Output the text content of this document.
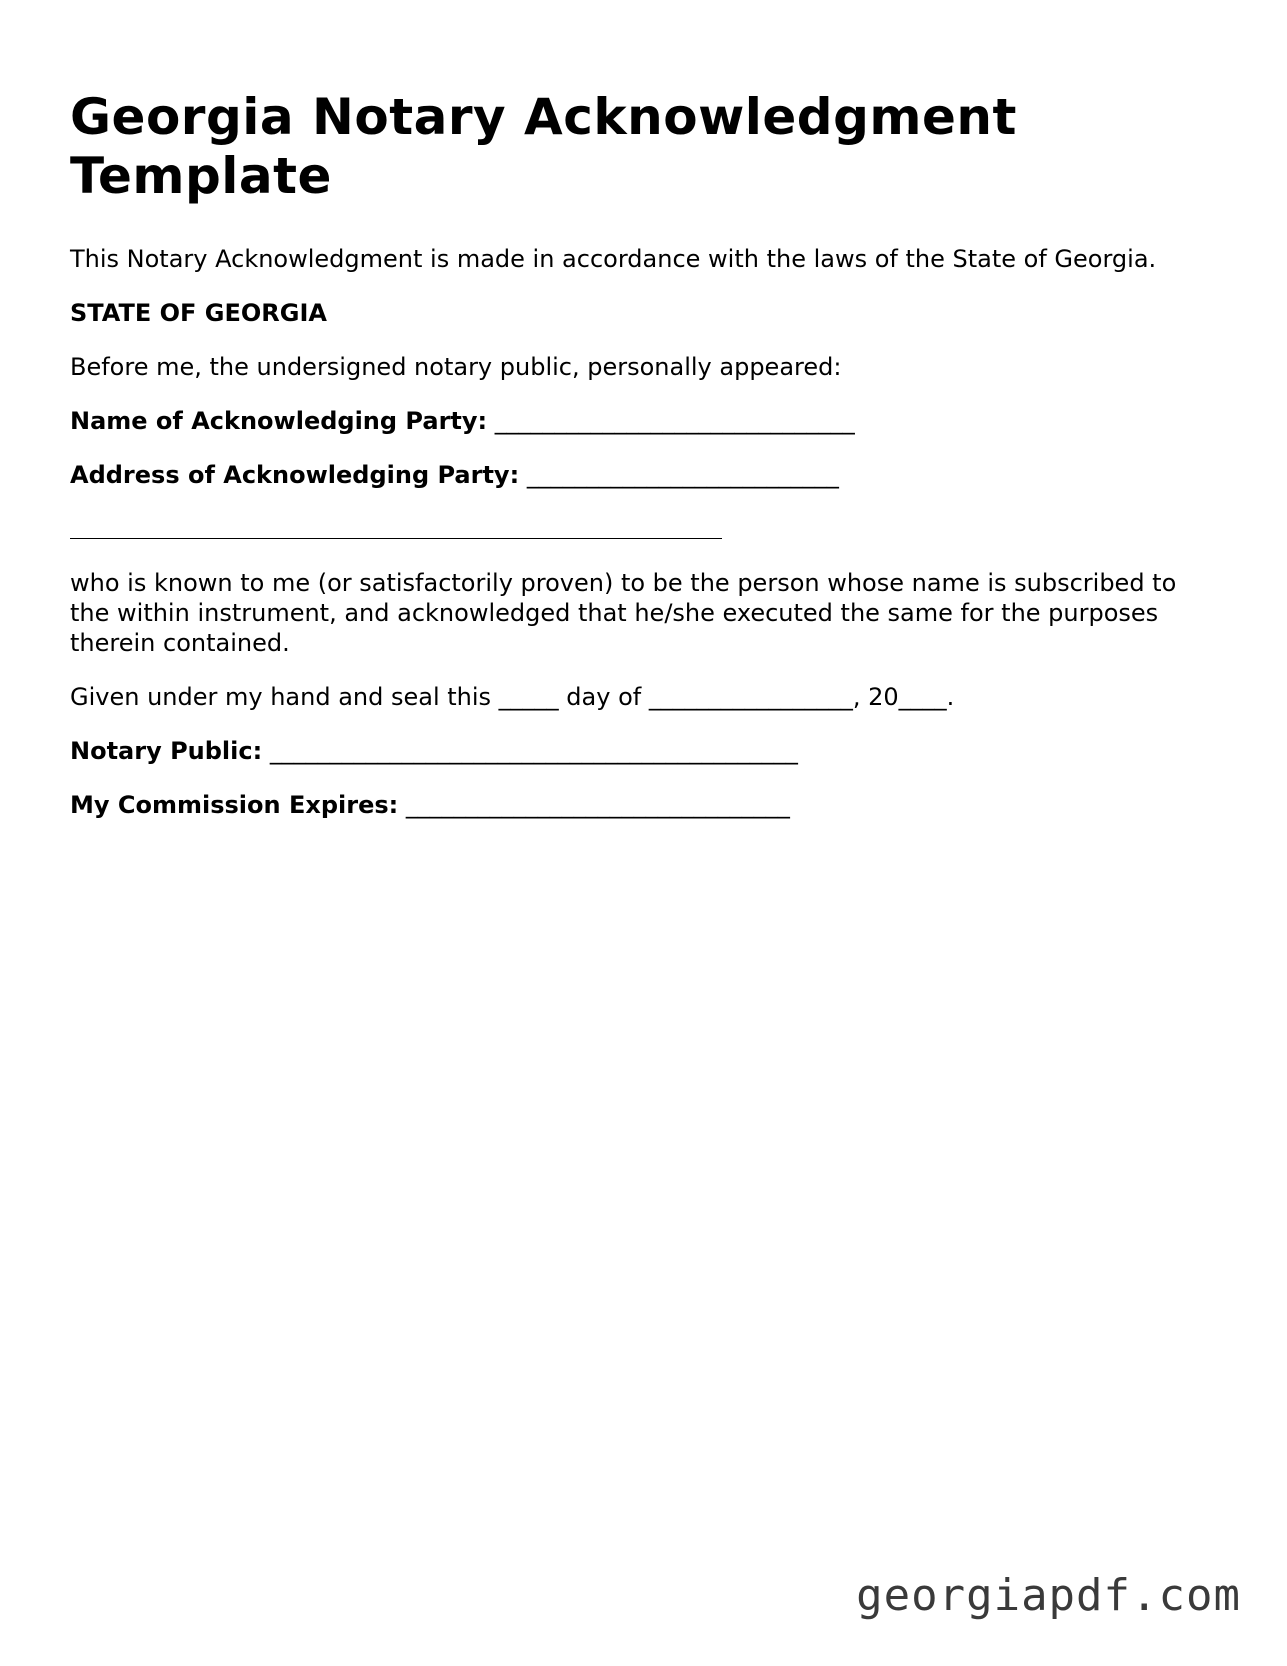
Georgia Notary Acknowledgment Template

This Notary Acknowledgment is made in accordance with the laws of the State of Georgia.

STATE OF GEORGIA

Before me, the undersigned notary public, personally appeared:

Name of Acknowledging Party: ______________________________

Address of Acknowledging Party: __________________________

who is known to me (or satisfactorily proven) to be the person whose name is subscribed to the within instrument, and acknowledged that he/she executed the same for the purposes therein contained.

Given under my hand and seal this _____ day of _________________, 20____.

Notary Public: ____________________________________________

My Commission Expires: ________________________________

georgiapdf.com
